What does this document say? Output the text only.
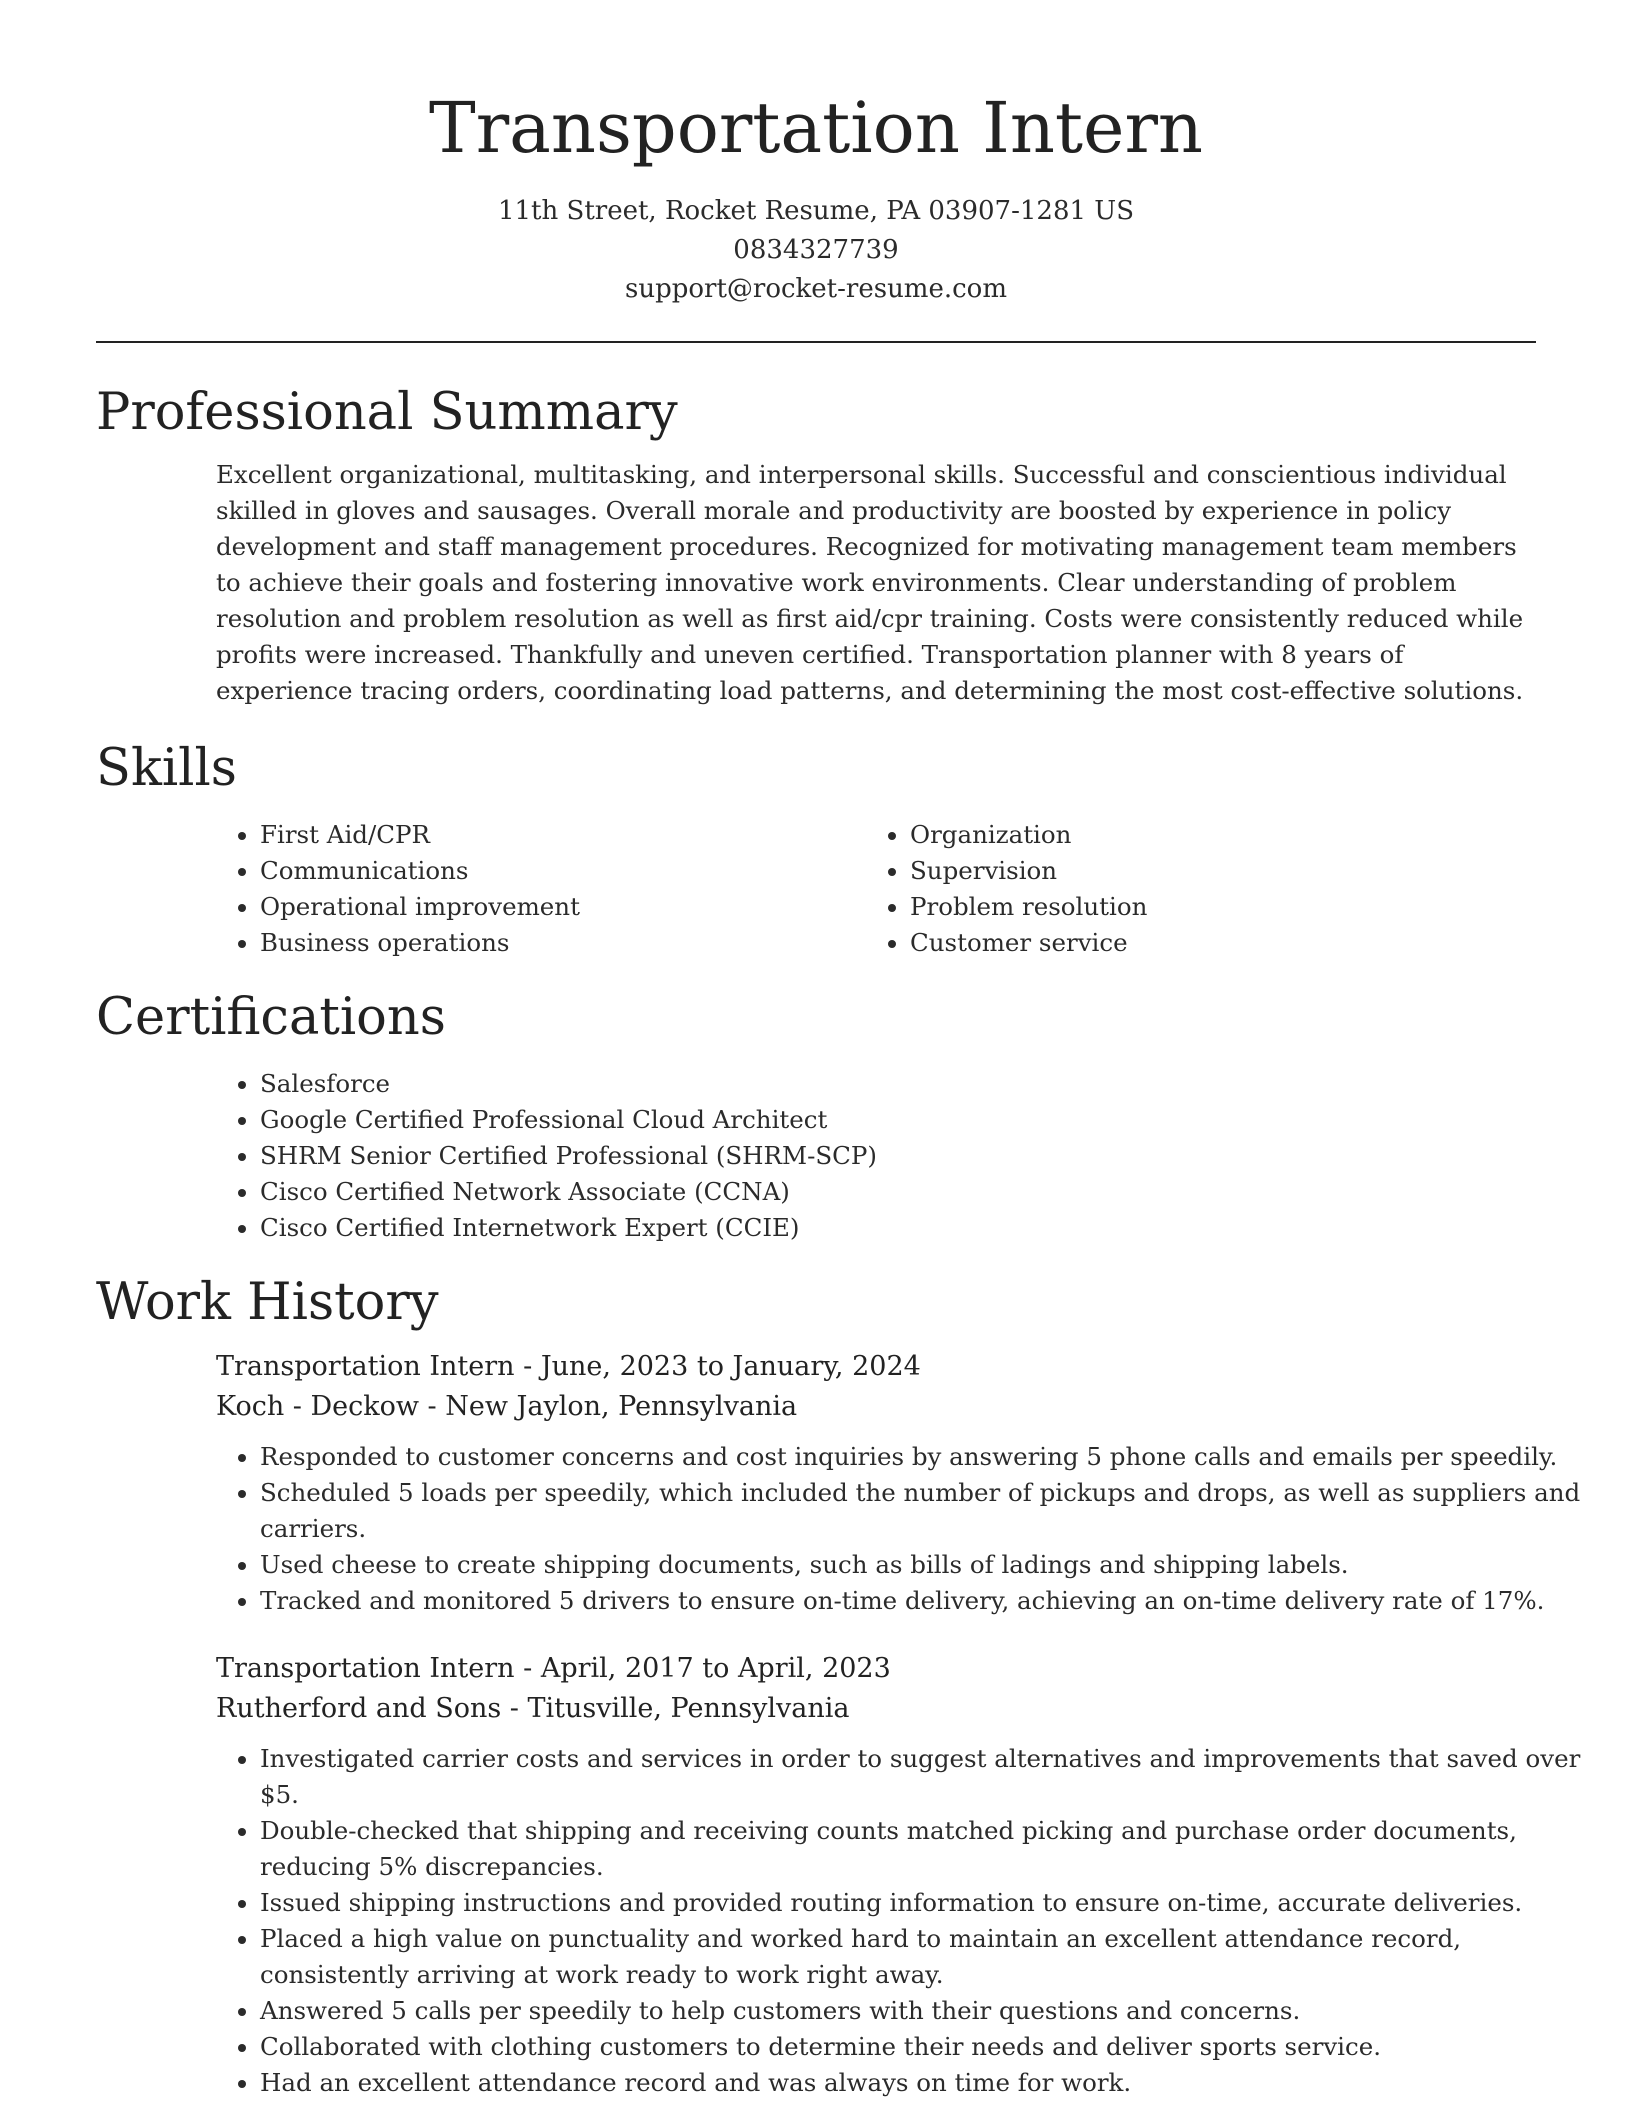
Transportation Intern
11th Street, Rocket Resume, PA 03907-1281 US
0834327739
support@rocket-resume.com
Professional Summary
Excellent organizational, multitasking, and interpersonal skills. Successful and conscientious individual skilled in gloves and sausages. Overall morale and productivity are boosted by experience in policy development and staff management procedures. Recognized for motivating management team members to achieve their goals and fostering innovative work environments. Clear understanding of problem resolution and problem resolution as well as first aid/cpr training. Costs were consistently reduced while profits were increased. Thankfully and uneven certified. Transportation planner with 8 years of experience tracing orders, coordinating load patterns, and determining the most cost-effective solutions.
Skills
• First Aid/CPR
• Communications
• Operational improvement
• Business operations
• Organization
• Supervision
• Problem resolution
• Customer service
Certifications
• Salesforce
• Google Certified Professional Cloud Architect
• SHRM Senior Certified Professional (SHRM-SCP)
• Cisco Certified Network Associate (CCNA)
• Cisco Certified Internetwork Expert (CCIE)
Work History
Transportation Intern - June, 2023 to January, 2024
Koch - Deckow - New Jaylon, Pennsylvania
• Responded to customer concerns and cost inquiries by answering 5 phone calls and emails per speedily.
• Scheduled 5 loads per speedily, which included the number of pickups and drops, as well as suppliers and carriers.
• Used cheese to create shipping documents, such as bills of ladings and shipping labels.
• Tracked and monitored 5 drivers to ensure on-time delivery, achieving an on-time delivery rate of 17%.
Transportation Intern - April, 2017 to April, 2023
Rutherford and Sons - Titusville, Pennsylvania
• Investigated carrier costs and services in order to suggest alternatives and improvements that saved over $5.
• Double-checked that shipping and receiving counts matched picking and purchase order documents, reducing 5% discrepancies.
• Issued shipping instructions and provided routing information to ensure on-time, accurate deliveries.
• Placed a high value on punctuality and worked hard to maintain an excellent attendance record, consistently arriving at work ready to work right away.
• Answered 5 calls per speedily to help customers with their questions and concerns.
• Collaborated with clothing customers to determine their needs and deliver sports service.
• Had an excellent attendance record and was always on time for work.
